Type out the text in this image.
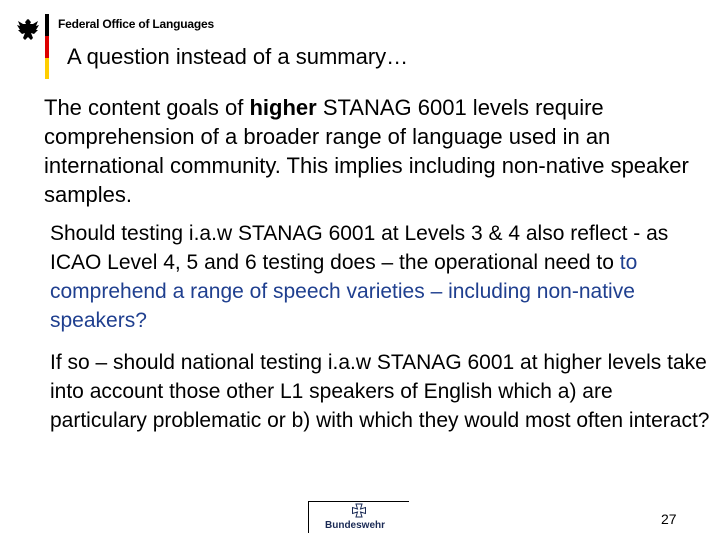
Federal Office of Languages
A question instead of a summary…
The content goals of higher STANAG 6001 levels require comprehension of a broader range of language used in an international community. This implies including non-native speaker samples.
Should testing i.a.w STANAG 6001 at Levels 3 & 4 also reflect - as ICAO Level 4, 5 and 6 testing does – the operational need to to comprehend a range of speech varieties – including non-native speakers?
If so – should national testing i.a.w STANAG 6001 at higher levels take into account those other L1 speakers of English which a) are particulary problematic or b) with which they would most often interact?
Bundeswehr	27
